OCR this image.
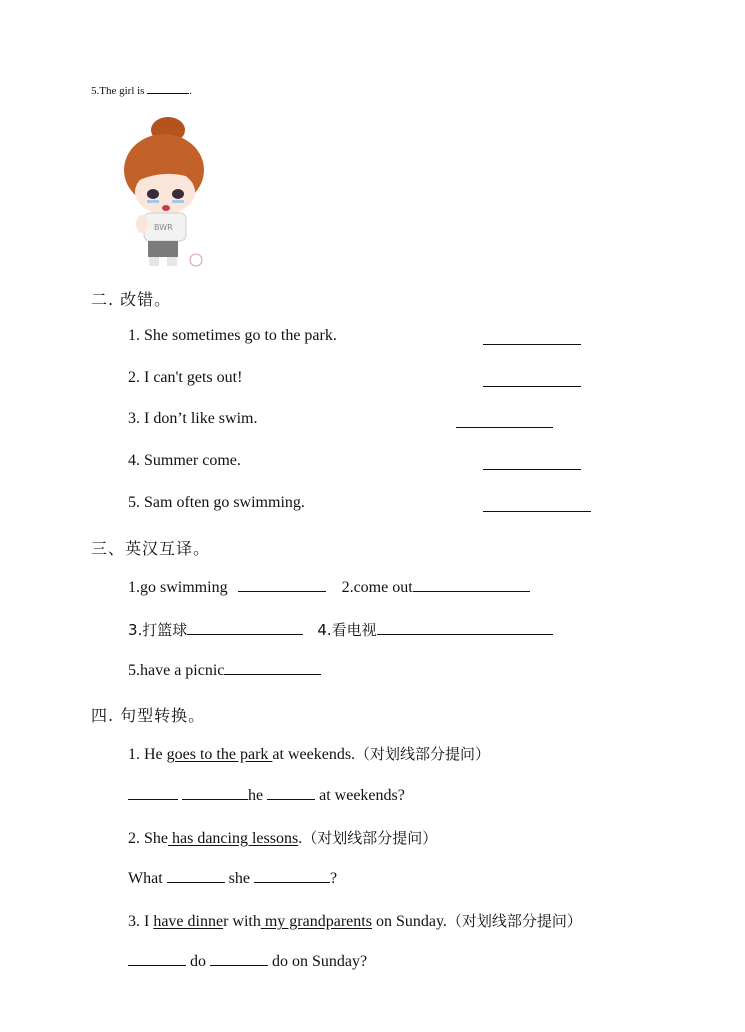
5.The girl is	.
BWR
二. 改错。
1. She sometimes go to the park.
2. I can't gets out!
3. I don’t like swim.
4. Summer come.
5. Sam often go swimming.
三、英汉互译。
1.go swimming	2.come out
3.打篮球	4.看电视
5.have a picnic
四. 句型转换。
1. He goes to the park at weekends.（对划线部分提问）
he	at weekends?
2. She has dancing lessons.（对划线部分提问）
What	she	?
3. I have dinner with my grandparents on Sunday.（对划线部分提问）
do	do on Sunday?
